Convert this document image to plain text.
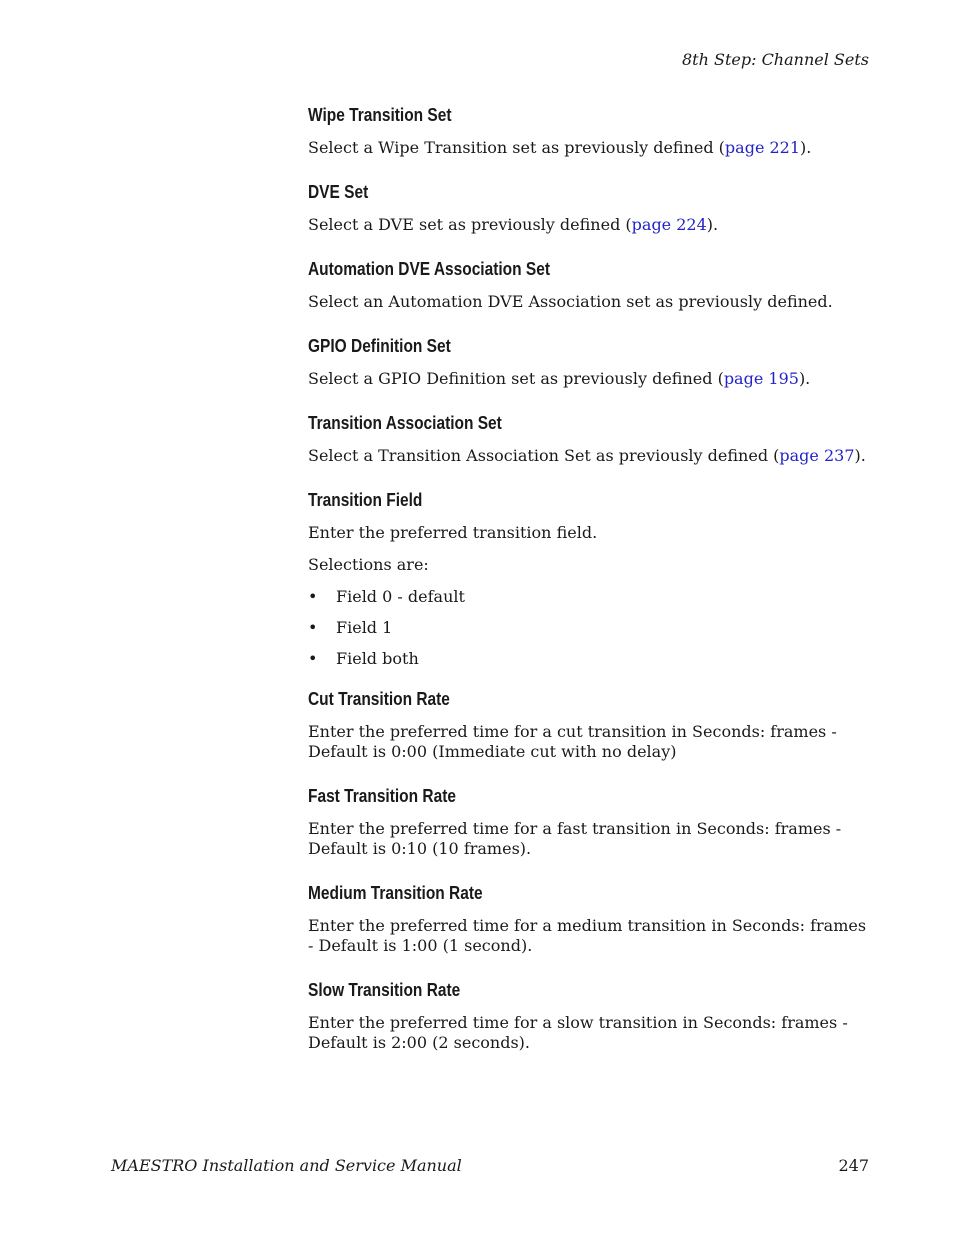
8th Step: Channel Sets
Wipe Transition Set

Select a Wipe Transition set as previously defined (page 221).

DVE Set

Select a DVE set as previously defined (page 224).

Automation DVE Association Set

Select an Automation DVE Association set as previously defined.

GPIO Definition Set

Select a GPIO Definition set as previously defined (page 195).

Transition Association Set

Select a Transition Association Set as previously defined (page 237).

Transition Field

Enter the preferred transition field.

Selections are:

• Field 0 - default
• Field 1
• Field both
Cut Transition Rate

Enter the preferred time for a cut transition in Seconds: frames - Default is 0:00 (Immediate cut with no delay)

Fast Transition Rate

Enter the preferred time for a fast transition in Seconds: frames - Default is 0:10 (10 frames).

Medium Transition Rate

Enter the preferred time for a medium transition in Seconds: frames - Default is 1:00 (1 second).

Slow Transition Rate

Enter the preferred time for a slow transition in Seconds: frames - Default is 2:00 (2 seconds).

MAESTRO Installation and Service Manual	247
